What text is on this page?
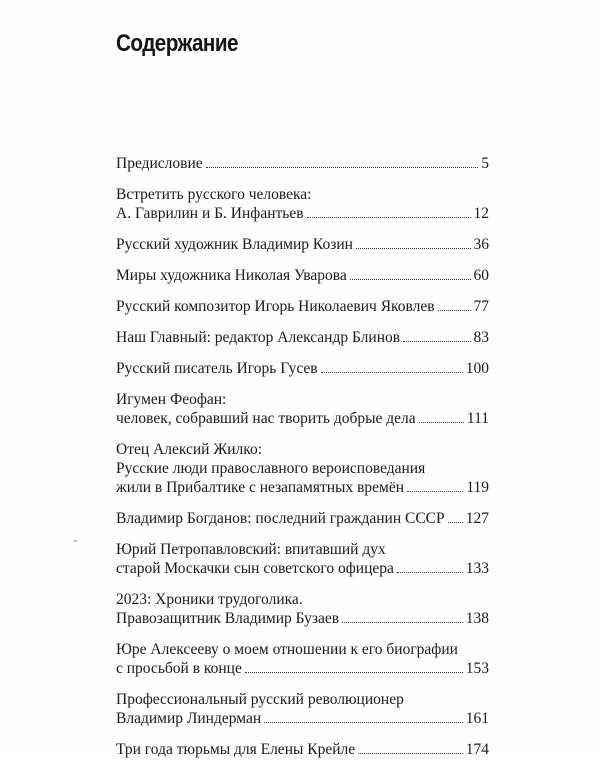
Содержание
Предисловие	5
Встретить русского человека:
А. Гаврилин и Б. Инфантьев	12
Русский художник Владимир Козин	36
Миры художника Николая Уварова	60
Русский композитор Игорь Николаевич Яковлев	77
Наш Главный: редактор Александр Блинов	83
Русский писатель Игорь Гусев	100
Игумен Феофан:
человек, собравший нас творить добрые дела	111
Отец Алексий Жилко:
Русские люди православного вероисповедания
жили в Прибалтике с незапамятных времён	119
Владимир Богданов: последний гражданин СССР 127
Юрий Петропавловский: впитавший дух
старой Москачки сын советского офицера	133
2023: Хроники трудоголика.
Правозащитник Владимир Бузаев	138
Юре Алексееву о моем отношении к его биографии
с просьбой в конце	153
Профессиональный русский революционер
Владимир Линдерман	161
Три года тюрьмы для Елены Крейле	174
